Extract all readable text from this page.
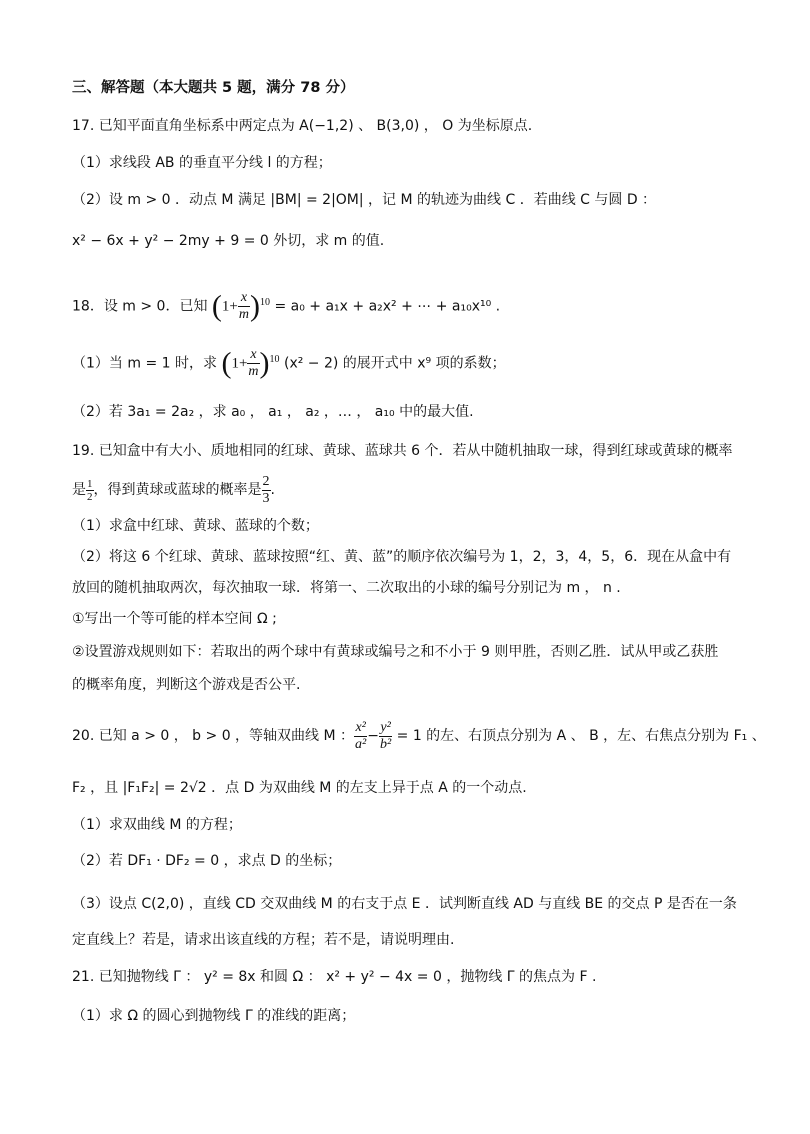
三、解答题（本大题共 5 题，满分 78 分）
17. 已知平面直角坐标系中两定点为 A(−1,2) 、 B(3,0) ， O 为坐标原点.
（1）求线段 AB 的垂直平分线 l 的方程；
（2）设 m > 0 ．动点 M 满足 |BM| = 2|OM| ，记 M 的轨迹为曲线 C ．若曲线 C 与圆 D ：
x² − 6x + y² − 2my + 9 = 0 外切，求 m 的值.
18．设 m > 0．已知 $(1+ \frac{x}{m} )^{10} = a_0 + a_1x + a_2x^2$ + ⋯ + a₁₀x¹⁰ .
（1）当 m = 1 时，求 $(1+ \frac{x}{m} )^{10}$ (x² − 2) 的展开式中 x⁹ 项的系数；
（2）若 3a₁ = 2a₂ ，求 a₀ ， a₁ ， a₂ ，… ， a₁₀ 中的最大值.
19. 已知盒中有大小、质地相同的红球、黄球、蓝球共 6 个．若从中随机抽取一球，得到红球或黄球的概率
是 $\frac{1}{2}$ ，得到黄球或蓝球的概率是 $\frac{2}{3}$ .
（1）求盒中红球、黄球、蓝球的个数；
（2）将这 6 个红球、黄球、蓝球按照“红、黄、蓝”的顺序依次编号为 1，2，3，4，5，6．现在从盒中有
放回的随机抽取两次，每次抽取一球．将第一、二次取出的小球的编号分别记为 m ， n .
①写出一个等可能的样本空间 Ω ;
②设置游戏规则如下：若取出的两个球中有黄球或编号之和不小于 9 则甲胜，否则乙胜．试从甲或乙获胜
的概率角度，判断这个游戏是否公平.
20. 已知 a > 0 ， b > 0 ，等轴双曲线 M ： $\frac{\text{x²}}{\text{a²}} - \frac{\text{y²}}{\text{b²}} = 1$ 的左、右顶点分别为 A 、 B ，左、右焦点分别为 F₁ 、
F₂ ，且 |F₁F₂| = 2√2 ．点 D 为双曲线 M 的左支上异于点 A 的一个动点.
（1）求双曲线 M 的方程；
（2）若 DF₁ · DF₂ = 0 ，求点 D 的坐标；
（3）设点 C(2,0) ，直线 CD 交双曲线 M 的右支于点 E ．试判断直线 AD 与直线 BE 的交点 P 是否在一条
定直线上？若是，请求出该直线的方程；若不是，请说明理由.
21. 已知抛物线 Γ ： y² = 8x 和圆 Ω ： x² + y² − 4x = 0 ，抛物线 Γ 的焦点为 F .
（1）求 Ω 的圆心到抛物线 Γ 的准线的距离；
